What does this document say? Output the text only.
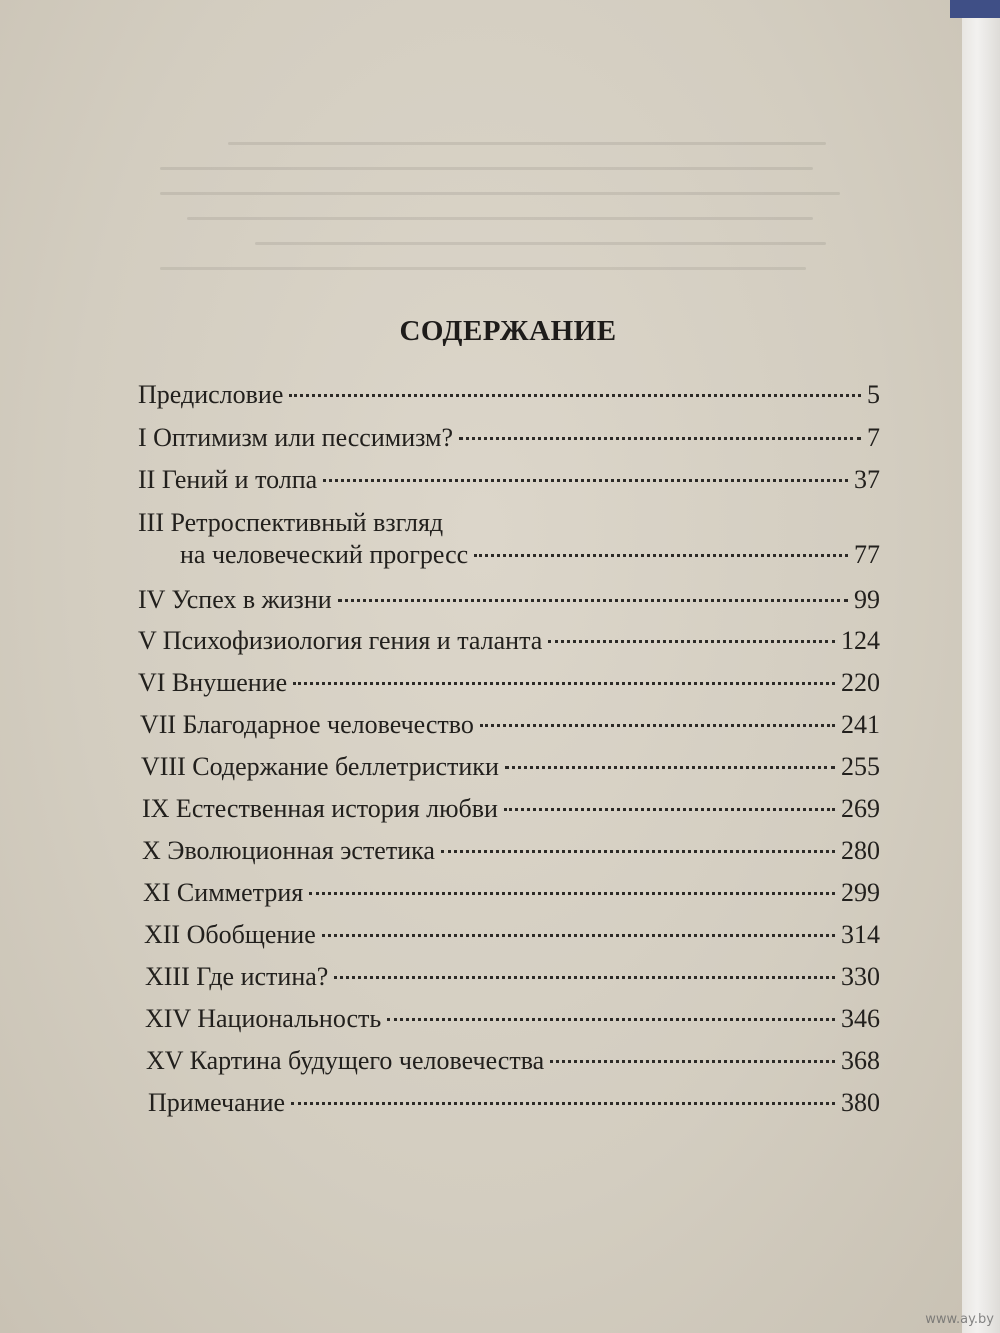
СОДЕРЖАНИЕ
Предисловие	5
I Оптимизм или пессимизм?	7
II Гений и толпа	37
III Ретроспективный взгляд
на человеческий прогресс	77
IV Успех в жизни	99
V Психофизиология гения и таланта	124
VI Внушение	220
VII Благодарное человечество	241
VIII Содержание беллетристики	255
IX Естественная история любви	269
X Эволюционная эстетика	280
XI Симметрия	299
XII Обобщение	314
XIII Где истина?	330
XIV Национальность	346
XV Картина будущего человечества	368
Примечание	380
www.ay.by
